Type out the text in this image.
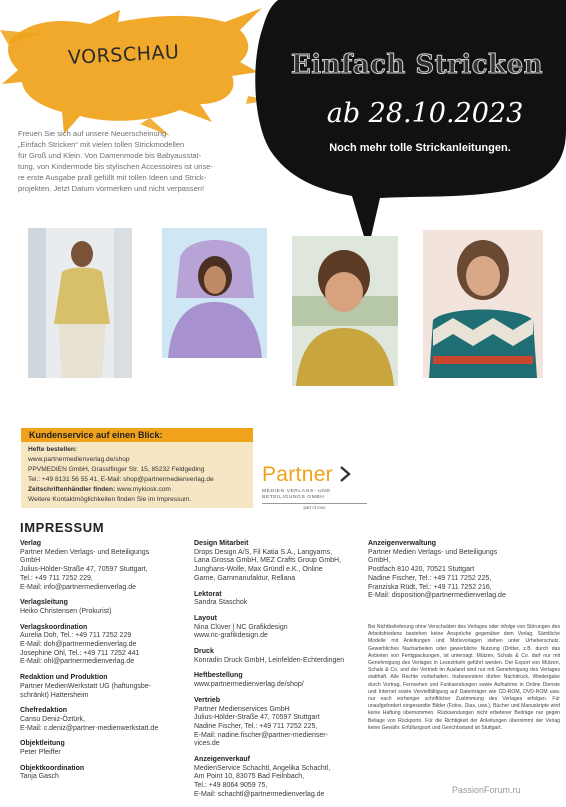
VORSCHAU	Einfach Stricken
ab 28.10.2023
Noch mehr tolle Strickanleitungen.
Freuen Sie sich auf unsere Neuerscheinung
„Einfach Stricken“ mit vielen tollen Strickmodellen
für Groß und Klein. Von Damenmode bis Babyausstat-
tung, von Kindermode bis stylischen Accessoires ist unse-
re erste Ausgabe prall gefüllt mit tollen Ideen und Strick-
projekten. Jetzt Datum vormerken und nicht verpassen!
Kundenservice auf einen Blick:
Hefte bestellen:
www.partnermedienverlag.de/shop
PPVMEDIEN GmbH, Grasslfinger Str. 15, 85232 Feldgeding
Tel.: +49 8131 56 55 41, E-Mail: shop@partnermedienverlag.de
Zeitschriftenhändler finden: www.mykiosk.com
Weitere Kontaktmöglichkeiten finden Sie im Impressum.
Partner
MEDIEN VERLAGS- UND
BETEILIGUNGS GMBH
part of mov
IMPRESSUM
Verlag
Partner Medien Verlags- und Beteiligungs
GmbH
Julius-Hölder-Straße 47, 70597 Stuttgart,
Tel.: +49 711 7252 229,
E-Mail: info@partnermedienverlag.de
Verlagsleitung
Heiko Christensen (Prokurist)
Verlagskoordination
Aurelia Doh, Tel.: +49 711 7252 229
E-Mail: doh@partnermedienverlag.de
Josephine Ohl, Tel.: +49 711 7252 441
E-Mail: ohl@partnermedienverlag.de
Redaktion und Produktion
Partner MedienWerkstatt UG (haftungsbe-
schränkt) Hattersheim
Chefredaktion
Cansu Deniz-Öztürk,
E-Mail: c.deniz@partner-medienwerkstatt.de
Objektleitung
Peter Pfeiffer
Objektkoordination
Tanja Gasch
Design Mitarbeit
Drops Design A/S, Fil Katia S.A., Langyarns,
Lana Grossa GmbH, MEZ Crafts Group GmbH,
Junghans-Wolle, Max Gründl e.K., Online
Garne, Garnmanufaktur, Rellana
Lektorat
Sandra Staschok
Layout
Nina Clüver | NC Grafikdesign
www.nc-grafikdesign.de
Druck
Konradin Druck GmbH, Leinfelden-Echterdingen
Heftbestellung
www.partnermedienverlag.de/shop/
Vertrieb
Partner Medienservices GmbH
Julius-Hölder-Straße 47, 70597 Stuttgart
Nadine Fischer, Tel.: +49 711 7252 225,
E-Mail: nadine.fischer@partner-medienser-
vices.de
Anzeigenverkauf
MedienService Schachtl, Angelika Schachtl,
Am Point 10, 83075 Bad Feilnbach,
Tel.: +49 8064 9059 75,
E-Mail: schachtl@partnermedienverlag.de
Anzeigenverwaltung
Partner Medien Verlags- und Beteiligungs
GmbH,
Postfach 810 420, 70521 Stuttgart
Nadine Fischer, Tel.: +49 711 7252 225,
Franziska Rüdt, Tel.: +49 711 7252 216,
E-Mail: disposition@partnermedienverlag.de
Bei Nichtbelieferung ohne Verschulden des Verlages oder infolge von Störungen des Arbeitsfriedens bestehen keine Ansprüche gegenüber dem Verlag. Sämtliche Modelle mit Anleitungen und Motivvorlagen stehen unter Urheberschutz. Gewerbliches Nacharbeiten oder gewerbliche Nutzung (Dritter, z.B. durch das Anbieten von Fertigpackungen, ist untersagt. Mützen, Schals & Co. darf nur mit Genehmigung des Verlages in Lesezirkeln geführt werden. Der Export von Mützen, Schals & Co. und der Vertrieb im Ausland sind nur mit Genehmigung des Verlages statthaft. Alle Rechte vorbehalten. Insbesondere dürfen Nachdruck, Wiedergabe durch Vortrag, Fernsehen und Funksendungen sowie Aufnahme in Online Dienste und Internet sowie Vervielfältigung auf Datenträger wie CD-ROM, DVD-ROM usw. nur nach vorheriger schriftlicher Zustimmung des Verlages erfolgen. Für unaufgefordert eingesandte Bilder (Fotos, Dias, usw.), Bücher und Manuskripte wird keine Haftung übernommen. Rücksendungen nicht erbetener Beiträge nur gegen Beilage von Rückporto. Für die Richtigkeit der Anleitungen übernimmt der Verlag keine Gewähr. Erfüllungsort und Gerichtsstand ist Stuttgart.
PassionForum.ru
